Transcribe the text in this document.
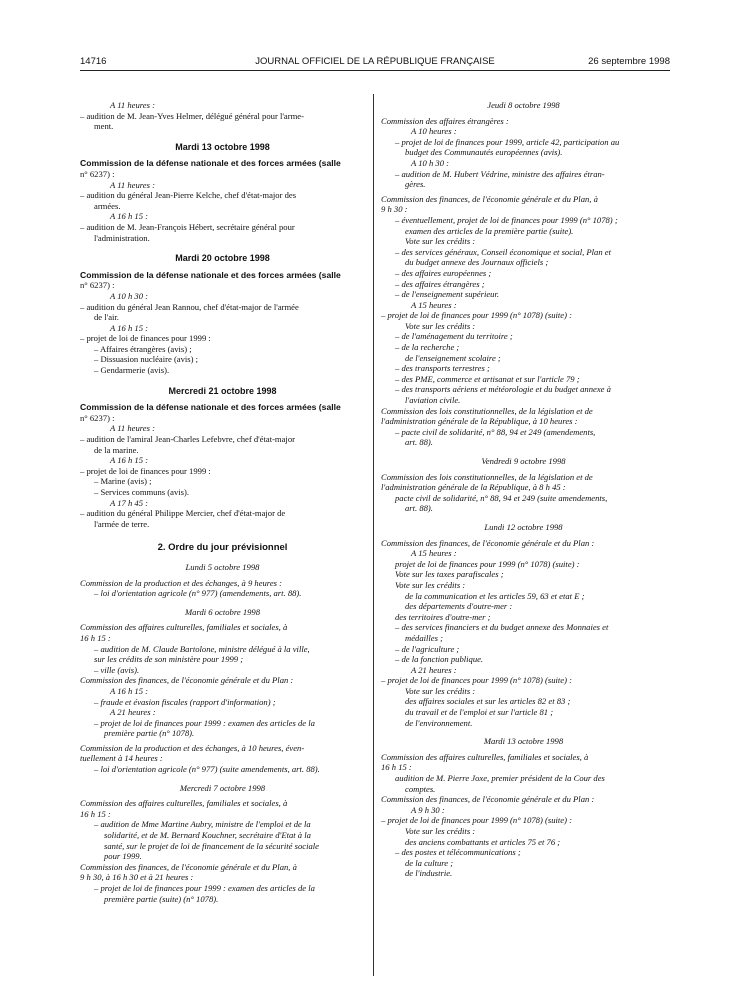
14716	JOURNAL OFFICIEL DE LA RÉPUBLIQUE FRANÇAISE	26 septembre 1998

A 11 heures :

– audition de M. Jean-Yves Helmer, délégué général pour l'arme-

ment.

Mardi 13 octobre 1998

Commission de la défense nationale et des forces armées (salle

n° 6237) :

A 11 heures :

– audition du général Jean-Pierre Kelche, chef d'état-major des

armées.

A 16 h 15 :

– audition de M. Jean-François Hébert, secrétaire général pour

l'administration.

Mardi 20 octobre 1998

Commission de la défense nationale et des forces armées (salle

n° 6237) :

A 10 h 30 :

– audition du général Jean Rannou, chef d'état-major de l'armée

de l'air.

A 16 h 15 :

– projet de loi de finances pour 1999 :

– Affaires étrangères (avis) ;

– Dissuasion nucléaire (avis) ;

– Gendarmerie (avis).

Mercredi 21 octobre 1998

Commission de la défense nationale et des forces armées (salle

n° 6237) :

A 11 heures :

– audition de l'amiral Jean-Charles Lefebvre, chef d'état-major

de la marine.

A 16 h 15 :

– projet de loi de finances pour 1999 :

– Marine (avis) ;

– Services communs (avis).

A 17 h 45 :

– audition du général Philippe Mercier, chef d'état-major de

l'armée de terre.

2. Ordre du jour prévisionnel

Lundi 5 octobre 1998

Commission de la production et des échanges, à 9 heures :

– loi d'orientation agricole (n° 977) (amendements, art. 88).

Mardi 6 octobre 1998

Commission des affaires culturelles, familiales et sociales, à

16 h 15 :

– audition de M. Claude Bartolone, ministre délégué à la ville,

sur les crédits de son ministère pour 1999 ;

– ville (avis).

Commission des finances, de l'économie générale et du Plan :

A 16 h 15 :

– fraude et évasion fiscales (rapport d'information) ;

A 21 heures :

– projet de loi de finances pour 1999 : examen des articles de la

première partie (n° 1078).

Commission de la production et des échanges, à 10 heures, éven-

tuellement à 14 heures :

– loi d'orientation agricole (n° 977) (suite amendements, art. 88).

Mercredi 7 octobre 1998

Commission des affaires culturelles, familiales et sociales, à

16 h 15 :

– audition de Mme Martine Aubry, ministre de l'emploi et de la

solidarité, et de M. Bernard Kouchner, secrétaire d'Etat à la

santé, sur le projet de loi de financement de la sécurité sociale

pour 1999.

Commission des finances, de l'économie générale et du Plan, à

9 h 30, à 16 h 30 et à 21 heures :

– projet de loi de finances pour 1999 : examen des articles de la

première partie (suite) (n° 1078).

Jeudi 8 octobre 1998

Commission des affaires étrangères :

A 10 heures :

– projet de loi de finances pour 1999, article 42, participation au

budget des Communautés européennes (avis).

A 10 h 30 :

– audition de M. Hubert Védrine, ministre des affaires étran-

gères.

Commission des finances, de l'économie générale et du Plan, à

9 h 30 :

– éventuellement, projet de loi de finances pour 1999 (n° 1078) ;

examen des articles de la première partie (suite).

Vote sur les crédits :

– des services généraux, Conseil économique et social, Plan et

du budget annexe des Journaux officiels ;

– des affaires européennes ;

– des affaires étrangères ;

– de l'enseignement supérieur.

A 15 heures :

– projet de loi de finances pour 1999 (n° 1078) (suite) :

Vote sur les crédits :

– de l'aménagement du territoire ;

– de la recherche ;

de l'enseignement scolaire ;

– des transports terrestres ;

– des PME, commerce et artisanat et sur l'article 79 ;

– des transports aériens et météorologie et du budget annexe à

l'aviation civile.

Commission des lois constitutionnelles, de la législation et de

l'administration générale de la République, à 10 heures :

– pacte civil de solidarité, n° 88, 94 et 249 (amendements,

art. 88).

Vendredi 9 octobre 1998

Commission des lois constitutionnelles, de la législation et de

l'administration générale de la République, à 8 h 45 :

pacte civil de solidarité, n° 88, 94 et 249 (suite amendements,

art. 88).

Lundi 12 octobre 1998

Commission des finances, de l'économie générale et du Plan :

A 15 heures :

projet de loi de finances pour 1999 (n° 1078) (suite) :

Vote sur les taxes parafiscales ;

Vote sur les crédits :

de la communication et les articles 59, 63 et etat E ;

des départements d'outre-mer :

des territoires d'outre-mer ;

– des services financiers et du budget annexe des Monnaies et

médailles ;

– de l'agriculture ;

– de la fonction publique.

A 21 heures :

– projet de loi de finances pour 1999 (n° 1078) (suite) :

Vote sur les crédits :

des affaires sociales et sur les articles 82 et 83 ;

du travail et de l'emploi et sur l'article 81 ;

de l'environnement.

Mardi 13 octobre 1998

Commission des affaires culturelles, familiales et sociales, à

16 h 15 :

audition de M. Pierre Joxe, premier président de la Cour des

comptes.

Commission des finances, de l'économie générale et du Plan :

A 9 h 30 :

– projet de loi de finances pour 1999 (n° 1078) (suite) :

Vote sur les crédits :

des anciens combattants et articles 75 et 76 ;

– des postes et télécommunications ;

de la culture ;

de l'industrie.
